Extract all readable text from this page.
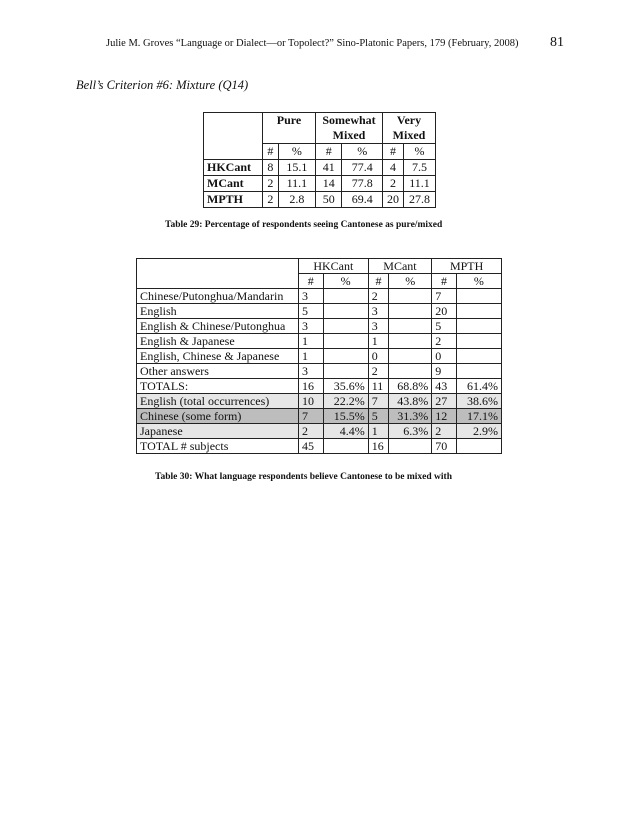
Julie M. Groves “Language or Dialect—or Topolect?” Sino-Platonic Papers, 179 (February, 2008) 81
Bell’s Criterion #6: Mixture (Q14)
	Pure		Somewhat Mixed		Very Mixed	
	#	%	#	%	#	%
HKCant	8	15.1	41	77.4	4	7.5
MCant	2	11.1	14	77.8	2	11.1
MPTH	2	2.8	50	69.4	20	27.8
Table 29: Percentage of respondents seeing Cantonese as pure/mixed
	HKCant		MCant		MPTH	
	#	%	#	%	#	%
Chinese/Putonghua/Mandarin	3		2		7	
English	5		3		20	
English & Chinese/Putonghua	3		3		5	
English & Japanese	1		1		2	
English, Chinese & Japanese	1		0		0	
Other answers	3		2		9	
TOTALS:	16	35.6%	11	68.8%	43	61.4%
English (total occurrences)	10	22.2%	7	43.8%	27	38.6%
Chinese (some form)	7	15.5%	5	31.3%	12	17.1%
Japanese	2	4.4%	1	6.3%	2	2.9%
TOTAL # subjects	45		16		70	
Table 30: What language respondents believe Cantonese to be mixed with
